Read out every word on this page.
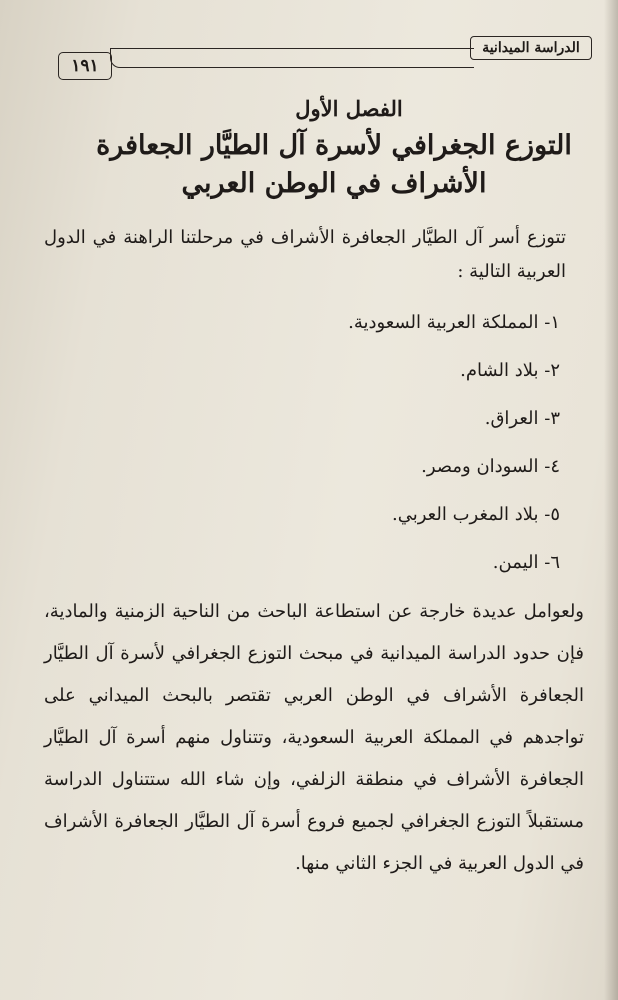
الدراسة الميدانية
١٩١
الفصل الأول
التوزع الجغرافي لأسرة آل الطيَّار الجعافرة الأشراف في الوطن العربي

تتوزع أسر آل الطيَّار الجعافرة الأشراف في مرحلتنا الراهنة في الدول العربية التالية :

١- المملكة العربية السعودية.
٢- بلاد الشام.
٣- العراق.
٤- السودان ومصر.
٥- بلاد المغرب العربي.
٦- اليمن.

ولعوامل عديدة خارجة عن استطاعة الباحث من الناحية الزمنية والمادية، فإن حدود الدراسة الميدانية في مبحث التوزع الجغرافي لأسرة آل الطيَّار الجعافرة الأشراف في الوطن العربي تقتصر بالبحث الميداني على تواجدهم في المملكة العربية السعودية، وتتناول منهم أسرة آل الطيَّار الجعافرة الأشراف في منطقة الزلفي، وإن شاء الله ستتناول الدراسة مستقبلاً التوزع الجغرافي لجميع فروع أسرة آل الطيَّار الجعافرة الأشراف في الدول العربية في الجزء الثاني منها.
